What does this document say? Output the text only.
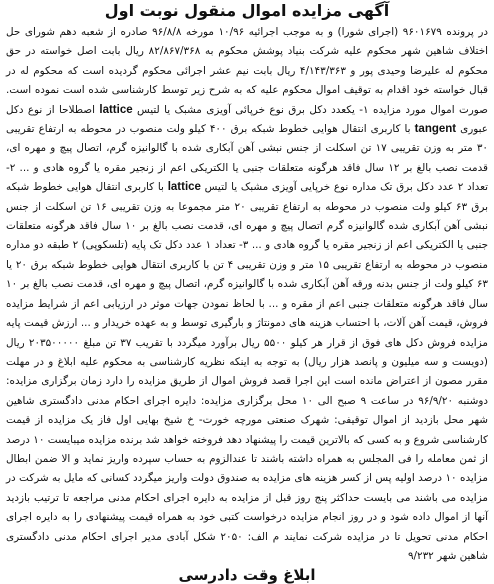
آگهی مزایده اموال منقول نوبت اول

در پرونده ۹۶۰۱۶۷۹ (اجرای شورا) و به موجب اجرائیه ۱۰/۹۶ مورخه ۹۶/۸/۸ صادره از شعبه دهم شورای حل اختلاف شاهین شهر محکوم علیه شرکت بنیاد پوشش محکوم به ۸۲/۸۶۷/۳۶۸ ریال بابت اصل خواسته در حق محکوم له علیرضا وحیدی پور و ۴/۱۴۳/۳۶۳ ریال بابت نیم عشر اجرائی محکوم گردیده است که محکوم له در قبال خواسته خود اقدام به توقیف اموال محکوم علیه که به شرح زیر توسط کارشناسی شده است نموده است. صورت اموال مورد مزایده ۱- یکعدد دکل برق نوع خرپائی آویزی مشبک یا لتیس lattice اصطلاحا از نوع دکل عبوری tangent با کاربری انتقال هوایی خطوط شبکه برق ۴۰۰ کیلو ولت منصوب در محوطه به ارتفاع تقریبی ۳۰ متر به وزن تقریبی ۱۷ تن اسکلت از جنس نبشی آهن آبکاری شده با گالوانیزه گرم، اتصال پیچ و مهره ای، قدمت نصب بالغ بر ۱۲ سال فاقد هرگونه متعلقات جنبی یا الکتریکی اعم از زنجیر مقره یا گروه هادی و ... ۲- تعداد ۲ عدد دکل برق تک مداره نوع خرپایی آویزی مشبک یا لتیس lattice با کاربری انتقال هوایی خطوط شبکه برق ۶۳ کیلو ولت منصوب در محوطه به ارتفاع تقریبی ۲۰ متر مجموعا به وزن تقریبی ۱۶ تن اسکلت از جنس نبشی آهن آبکاری شده گالوانیزه گرم اتصال پیچ و مهره ای، قدمت نصب بالغ بر ۱۰ سال فاقد هرگونه متعلقات جنبی یا الکتریکی اعم از زنجیر مقره یا گروه هادی و ... ۳- تعداد ۱ عدد دکل تک پایه (تلسکوپی) ۲ طبقه دو مداره منصوب در محوطه به ارتفاع تقریبی ۱۵ متر و وزن تقریبی ۴ تن با کاربری انتقال هوایی خطوط شبکه برق ۲۰ یا ۶۳ کیلو ولت از جنس بدنه ورقه آهن آبکاری شده با گالوانیزه گرم، اتصال پیچ و مهره ای، قدمت نصب بالغ بر ۱۰ سال فاقد هرگونه متعلقات جنبی اعم از مقره و ... با لحاظ نمودن جهات موثر در ارزیابی اعم از شرایط مزایده فروش، قیمت آهن آلات، با احتساب هزینه های دمونتاژ و بارگیری توسط و به عهده خریدار و ... ارزش قیمت پایه مزایده فروش دکل های فوق از قرار هر کیلو ۵۵۰۰ ریال برآورد میگردد با تقریب ۳۷ تن مبلغ ۲۰۳۵۰۰۰۰۰ ریال (دویست و سه میلیون و پانصد هزار ریال) به توجه به اینکه نظریه کارشناسی به محکوم علیه ابلاغ و در مهلت مقرر مصون از اعتراض مانده است این اجرا قصد فروش اموال از طریق مزایده را دارد زمان برگزاری مزایده: دوشنبه ۹۶/۹/۲۰ در ساعت ۹ صبح الی ۱۰ محل برگزاری مزایده: دایره اجرای احکام مدنی دادگستری شاهین شهر محل بازدید از اموال توقیفی: شهرک صنعتی مورچه خورت- خ شیخ بهایی اول فاز یک مزایده از قیمت کارشناسی شروع و به کسی که بالاترین قیمت را پیشنهاد دهد فروخته خواهد شد برنده مزایده میبایست ۱۰ درصد از ثمن معامله را فی المجلس به همراه داشته باشند تا عندالزوم به حساب سپرده واریز نماید و الا ضمن ابطال مزایده ۱۰ درصد اولیه پس از کسر هزینه های مزایده به صندوق دولت واریز میگردد کسانی که مایل به شرکت در مزایده می باشند می بایست حداکثر پنج روز قبل از مزایده به دایره اجرای احکام مدنی مراجعه تا ترتیب بازدید آنها از اموال داده شود و در روز انجام مزایده درخواست کتبی خود به همراه قیمت پیشنهادی را به دایره اجرای احکام مدنی تحویل تا در مزایده شرکت نمایند م الف: ۲۰۵۰ شکل آبادی مدیر اجرای احکام مدنی دادگستری شاهین شهر ۹/۲۳۲

ابلاغ وقت دادرسی
